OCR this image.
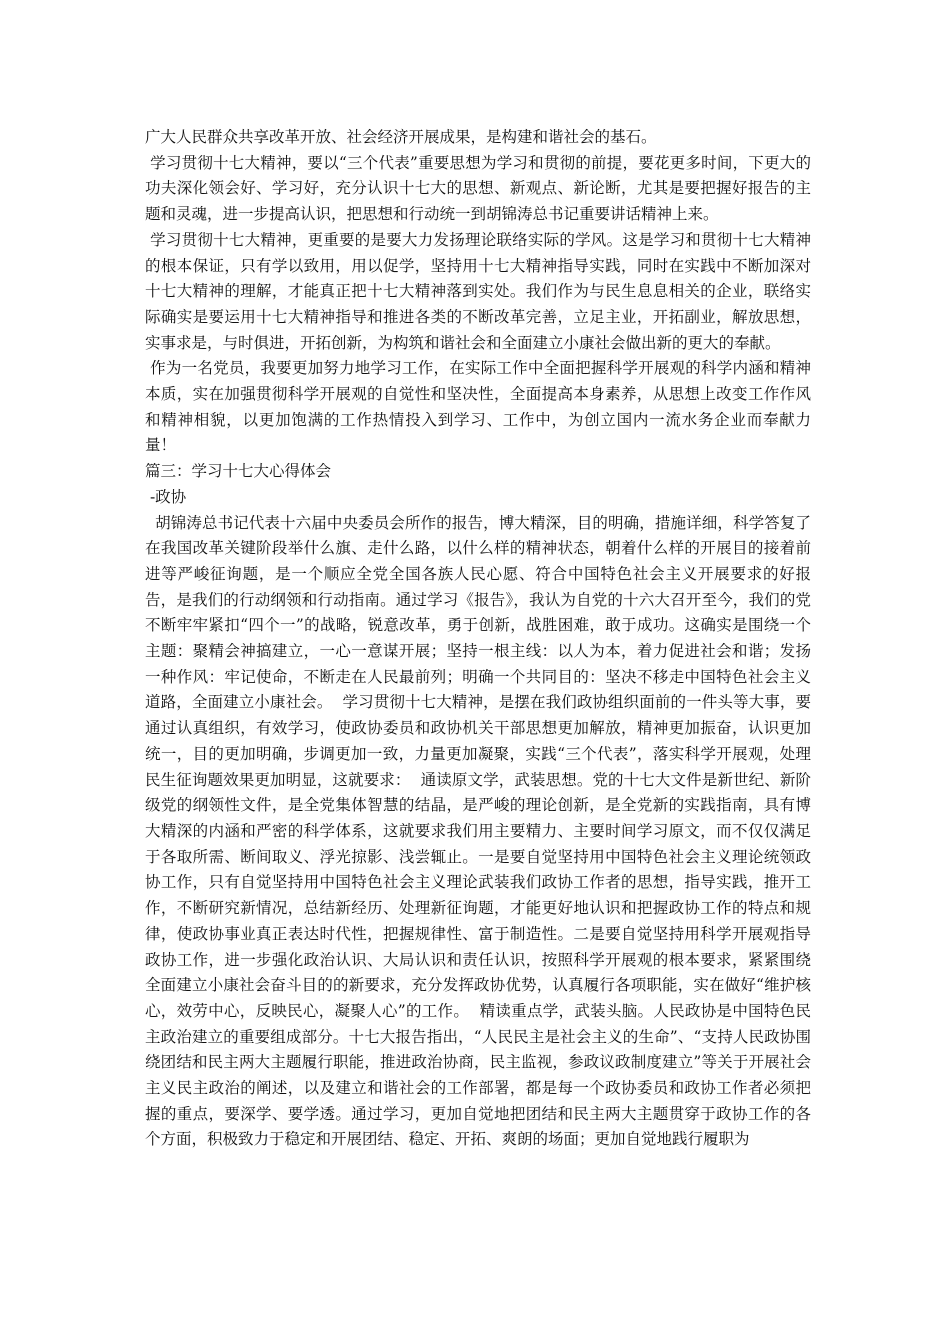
广大人民群众共享改革开放、社会经济开展成果，是构建和谐社会的基石。

学习贯彻十七大精神，要以“三个代表”重要思想为学习和贯彻的前提，要花更多时间，下更大的功夫深化领会好、学习好，充分认识十七大的思想、新观点、新论断，尤其是要把握好报告的主题和灵魂，进一步提高认识，把思想和行动统一到胡锦涛总书记重要讲话精神上来。

学习贯彻十七大精神，更重要的是要大力发扬理论联络实际的学风。这是学习和贯彻十七大精神的根本保证，只有学以致用，用以促学，坚持用十七大精神指导实践，同时在实践中不断加深对十七大精神的理解，才能真正把十七大精神落到实处。我们作为与民生息息相关的企业，联络实际确实是要运用十七大精神指导和推进各类的不断改革完善，立足主业，开拓副业，解放思想，实事求是，与时俱进，开拓创新，为构筑和谐社会和全面建立小康社会做出新的更大的奉献。

作为一名党员，我要更加努力地学习工作，在实际工作中全面把握科学开展观的科学内涵和精神本质，实在加强贯彻科学开展观的自觉性和坚决性，全面提高本身素养，从思想上改变工作作风和精神相貌，以更加饱满的工作热情投入到学习、工作中，为创立国内一流水务企业而奉献力量！

篇三：学习十七大心得体会

-政协

胡锦涛总书记代表十六届中央委员会所作的报告，博大精深，目的明确，措施详细，科学答复了在我国改革关键阶段举什么旗、走什么路，以什么样的精神状态，朝着什么样的开展目的接着前进等严峻征询题，是一个顺应全党全国各族人民心愿、符合中国特色社会主义开展要求的好报告，是我们的行动纲领和行动指南。通过学习《报告》，我认为自党的十六大召开至今，我们的党不断牢牢紧扣“四个一”的战略，锐意改革，勇于创新，战胜困难，敢于成功。这确实是围绕一个主题：聚精会神搞建立，一心一意谋开展；坚持一根主线：以人为本，着力促进社会和谐；发扬一种作风：牢记使命，不断走在人民最前列；明确一个共同目的：坚决不移走中国特色社会主义道路，全面建立小康社会。  学习贯彻十七大精神，是摆在我们政协组织面前的一件头等大事，要通过认真组织，有效学习，使政协委员和政协机关干部思想更加解放，精神更加振奋，认识更加统一，目的更加明确，步调更加一致，力量更加凝聚，实践“三个代表”，落实科学开展观，处理民生征询题效果更加明显，这就要求：  通读原文学，武装思想。党的十七大文件是新世纪、新阶级党的纲领性文件，是全党集体智慧的结晶，是严峻的理论创新，是全党新的实践指南，具有博大精深的内涵和严密的科学体系，这就要求我们用主要精力、主要时间学习原文，而不仅仅满足于各取所需、断间取义、浮光掠影、浅尝辄止。一是要自觉坚持用中国特色社会主义理论统领政协工作，只有自觉坚持用中国特色社会主义理论武装我们政协工作者的思想，指导实践，推开工作，不断研究新情况，总结新经历、处理新征询题，才能更好地认识和把握政协工作的特点和规律，使政协事业真正表达时代性，把握规律性、富于制造性。二是要自觉坚持用科学开展观指导政协工作，进一步强化政治认识、大局认识和责任认识，按照科学开展观的根本要求，紧紧围绕全面建立小康社会奋斗目的的新要求，充分发挥政协优势，认真履行各项职能，实在做好“维护核心，效劳中心，反映民心，凝聚人心”的工作。  精读重点学，武装头脑。人民政协是中国特色民主政治建立的重要组成部分。十七大报告指出，“人民民主是社会主义的生命”、“支持人民政协围绕团结和民主两大主题履行职能，推进政治协商，民主监视，参政议政制度建立”等关于开展社会主义民主政治的阐述，以及建立和谐社会的工作部署，都是每一个政协委员和政协工作者必须把握的重点，要深学、要学透。通过学习，更加自觉地把团结和民主两大主题贯穿于政协工作的各个方面，积极致力于稳定和开展团结、稳定、开拓、爽朗的场面；更加自觉地践行履职为
